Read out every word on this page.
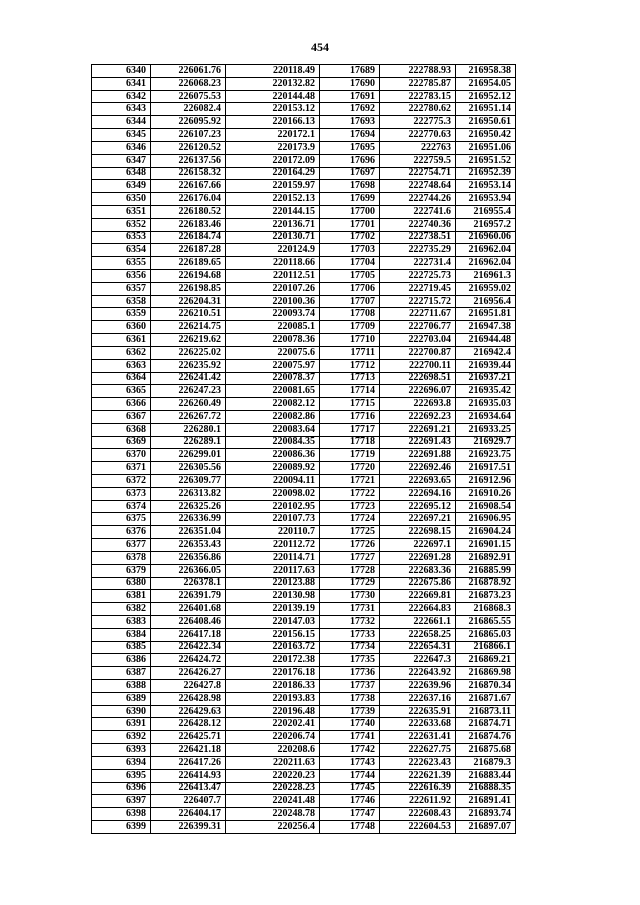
454
6340	226061.76	220118.49	17689	222788.93	216958.38
6341	226068.23	220132.82	17690	222785.87	216954.05
6342	226075.53	220144.48	17691	222783.15	216952.12
6343	226082.4	220153.12	17692	222780.62	216951.14
6344	226095.92	220166.13	17693	222775.3	216950.61
6345	226107.23	220172.1	17694	222770.63	216950.42
6346	226120.52	220173.9	17695	222763	216951.06
6347	226137.56	220172.09	17696	222759.5	216951.52
6348	226158.32	220164.29	17697	222754.71	216952.39
6349	226167.66	220159.97	17698	222748.64	216953.14
6350	226176.04	220152.13	17699	222744.26	216953.94
6351	226180.52	220144.15	17700	222741.6	216955.4
6352	226183.46	220136.71	17701	222740.36	216957.2
6353	226184.74	220130.71	17702	222738.51	216960.06
6354	226187.28	220124.9	17703	222735.29	216962.04
6355	226189.65	220118.66	17704	222731.4	216962.04
6356	226194.68	220112.51	17705	222725.73	216961.3
6357	226198.85	220107.26	17706	222719.45	216959.02
6358	226204.31	220100.36	17707	222715.72	216956.4
6359	226210.51	220093.74	17708	222711.67	216951.81
6360	226214.75	220085.1	17709	222706.77	216947.38
6361	226219.62	220078.36	17710	222703.04	216944.48
6362	226225.02	220075.6	17711	222700.87	216942.4
6363	226235.92	220075.97	17712	222700.11	216939.44
6364	226241.42	220078.37	17713	222698.51	216937.21
6365	226247.23	220081.65	17714	222696.07	216935.42
6366	226260.49	220082.12	17715	222693.8	216935.03
6367	226267.72	220082.86	17716	222692.23	216934.64
6368	226280.1	220083.64	17717	222691.21	216933.25
6369	226289.1	220084.35	17718	222691.43	216929.7
6370	226299.01	220086.36	17719	222691.88	216923.75
6371	226305.56	220089.92	17720	222692.46	216917.51
6372	226309.77	220094.11	17721	222693.65	216912.96
6373	226313.82	220098.02	17722	222694.16	216910.26
6374	226325.26	220102.95	17723	222695.12	216908.54
6375	226336.99	220107.73	17724	222697.21	216906.95
6376	226351.04	220110.7	17725	222698.15	216904.24
6377	226353.43	220112.72	17726	222697.1	216901.15
6378	226356.86	220114.71	17727	222691.28	216892.91
6379	226366.05	220117.63	17728	222683.36	216885.99
6380	226378.1	220123.88	17729	222675.86	216878.92
6381	226391.79	220130.98	17730	222669.81	216873.23
6382	226401.68	220139.19	17731	222664.83	216868.3
6383	226408.46	220147.03	17732	222661.1	216865.55
6384	226417.18	220156.15	17733	222658.25	216865.03
6385	226422.34	220163.72	17734	222654.31	216866.1
6386	226424.72	220172.38	17735	222647.3	216869.21
6387	226426.27	220176.18	17736	222643.92	216869.98
6388	226427.8	220186.33	17737	222639.96	216870.34
6389	226428.98	220193.83	17738	222637.16	216871.67
6390	226429.63	220196.48	17739	222635.91	216873.11
6391	226428.12	220202.41	17740	222633.68	216874.71
6392	226425.71	220206.74	17741	222631.41	216874.76
6393	226421.18	220208.6	17742	222627.75	216875.68
6394	226417.26	220211.63	17743	222623.43	216879.3
6395	226414.93	220220.23	17744	222621.39	216883.44
6396	226413.47	220228.23	17745	222616.39	216888.35
6397	226407.7	220241.48	17746	222611.92	216891.41
6398	226404.17	220248.78	17747	222608.43	216893.74
6399	226399.31	220256.4	17748	222604.53	216897.07
